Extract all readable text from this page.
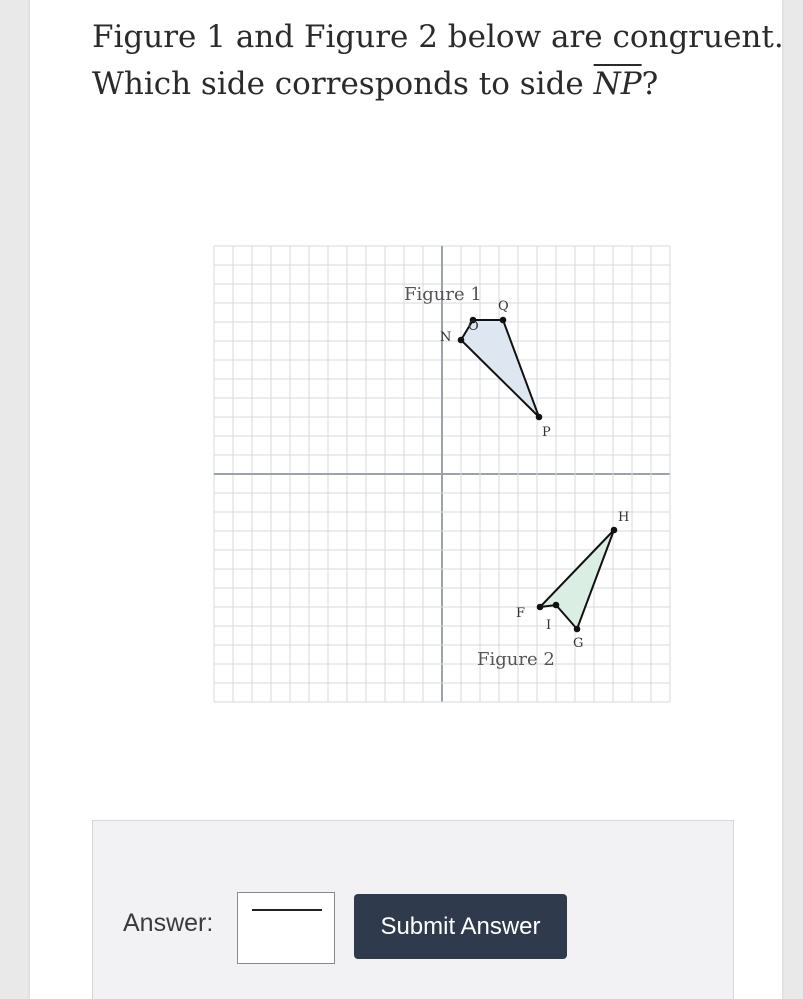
Figure 1 and Figure 2 below are congruent.
Which side corresponds to side $\overline{NP}$?
Figure 1
N
O
Q
P
F
I
G
H
Figure 2
Answer:	Submit Answer
